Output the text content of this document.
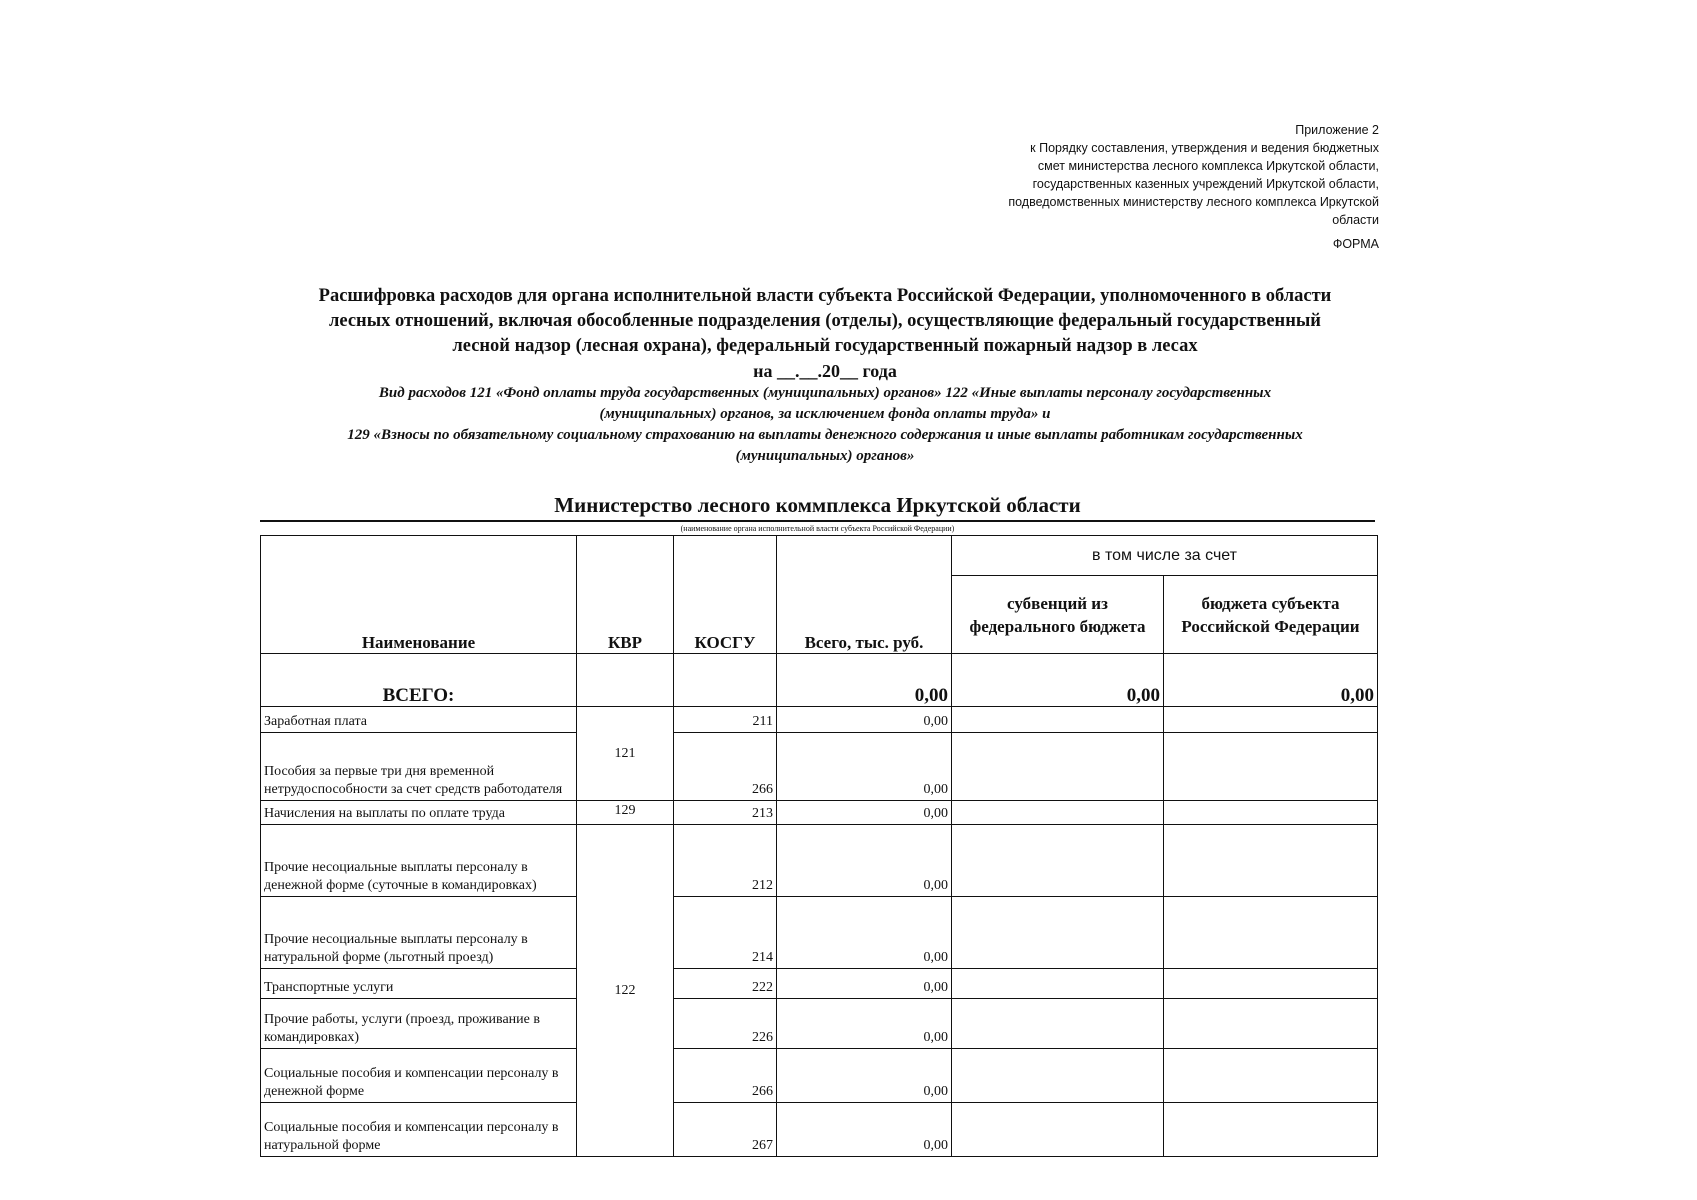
Приложение 2
к Порядку составления, утверждения и ведения бюджетных
смет министерства лесного комплекса Иркутской области,
государственных казенных учреждений Иркутской области,
подведомственных министерству лесного комплекса Иркутской
области
ФОРМА

Расшифровка расходов для органа исполнительной власти субъекта Российской Федерации, уполномоченного в области

лесных отношений, включая обособленные подразделения (отделы), осуществляющие федеральный государственный

лесной надзор (лесная охрана), федеральный государственный пожарный надзор в лесах

на __.__.20__ года

Вид расходов 121 «Фонд оплаты труда государственных (муниципальных) органов» 122 «Иные выплаты персоналу государственных

(муниципальных) органов, за исключением фонда оплаты труда» и

129 «Взносы по обязательному социальному страхованию на выплаты денежного содержания и иные выплаты работникам государственных

(муниципальных) органов»

Министерство лесного коммплекса Иркутской области
(наименование органа исполнительной власти субъекта Российской Федерации)
Наименование	КВР	КОСГУ	Всего, тыс. руб.	в том числе за счет	
				субвенций из федерального бюджета	бюджета субъекта Российской Федерации
ВСЕГО:			0,00	0,00	0,00
Заработная плата	121	211	0,00		
Пособия за первые три дня временной нетрудоспособности за счет средств работодателя		266	0,00		
Начисления на выплаты по оплате труда	129	213	0,00		
Прочие несоциальные выплаты персоналу в денежной форме (суточные в командировках)	122	212	0,00		
Прочие несоциальные выплаты персоналу в натуральной форме (льготный проезд)		214	0,00		
Транспортные услуги		222	0,00		
Прочие работы, услуги (проезд, проживание в командировках)		226	0,00		
Социальные пособия и компенсации персоналу в денежной форме		266	0,00		
Социальные пособия и компенсации персоналу в натуральной форме		267	0,00		
